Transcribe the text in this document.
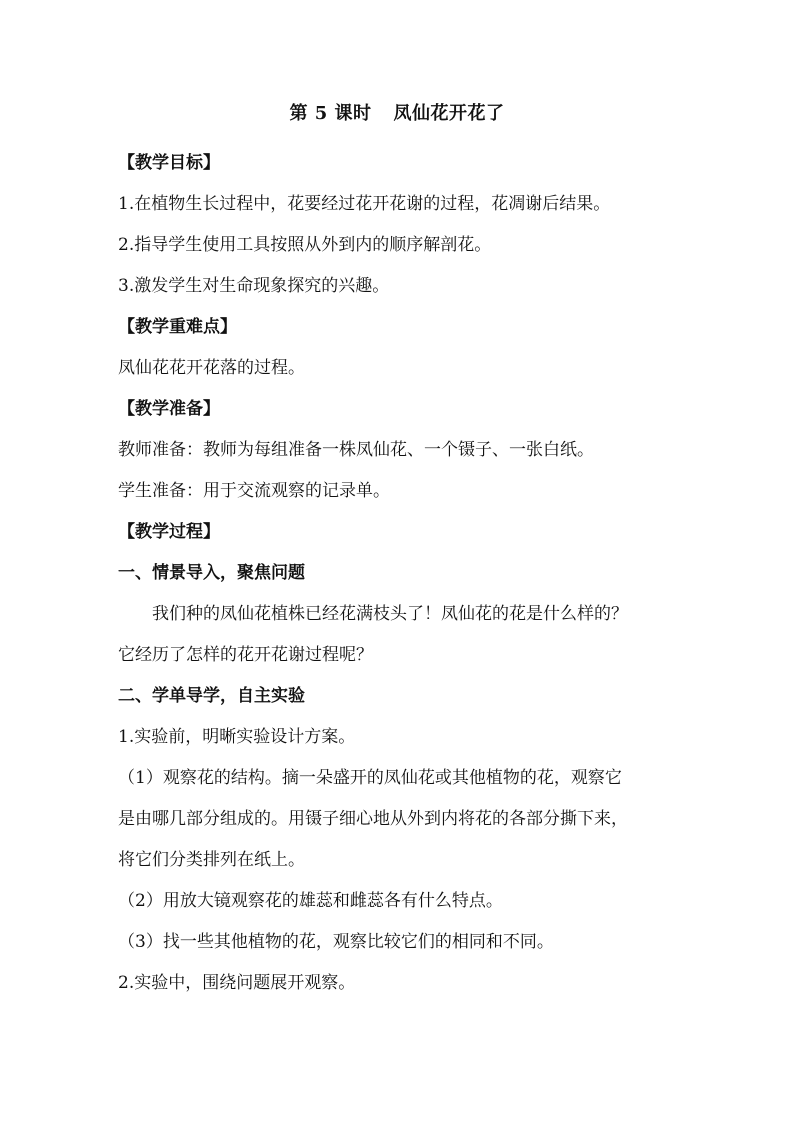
第 5 课时 凤仙花开花了
【教学目标】
1.在植物生长过程中，花要经过花开花谢的过程，花凋谢后结果。
2.指导学生使用工具按照从外到内的顺序解剖花。
3.激发学生对生命现象探究的兴趣。
【教学重难点】
凤仙花花开花落的过程。
【教学准备】
教师准备：教师为每组准备一株凤仙花、一个镊子、一张白纸。
学生准备：用于交流观察的记录单。
【教学过程】
一、情景导入，聚焦问题
我们种的凤仙花植株已经花满枝头了！凤仙花的花是什么样的？
它经历了怎样的花开花谢过程呢？
二、学单导学，自主实验
1.实验前，明晰实验设计方案。
（1）观察花的结构。摘一朵盛开的凤仙花或其他植物的花，观察它
是由哪几部分组成的。用镊子细心地从外到内将花的各部分撕下来，
将它们分类排列在纸上。
（2）用放大镜观察花的雄蕊和雌蕊各有什么特点。
（3）找一些其他植物的花，观察比较它们的相同和不同。
2.实验中，围绕问题展开观察。
